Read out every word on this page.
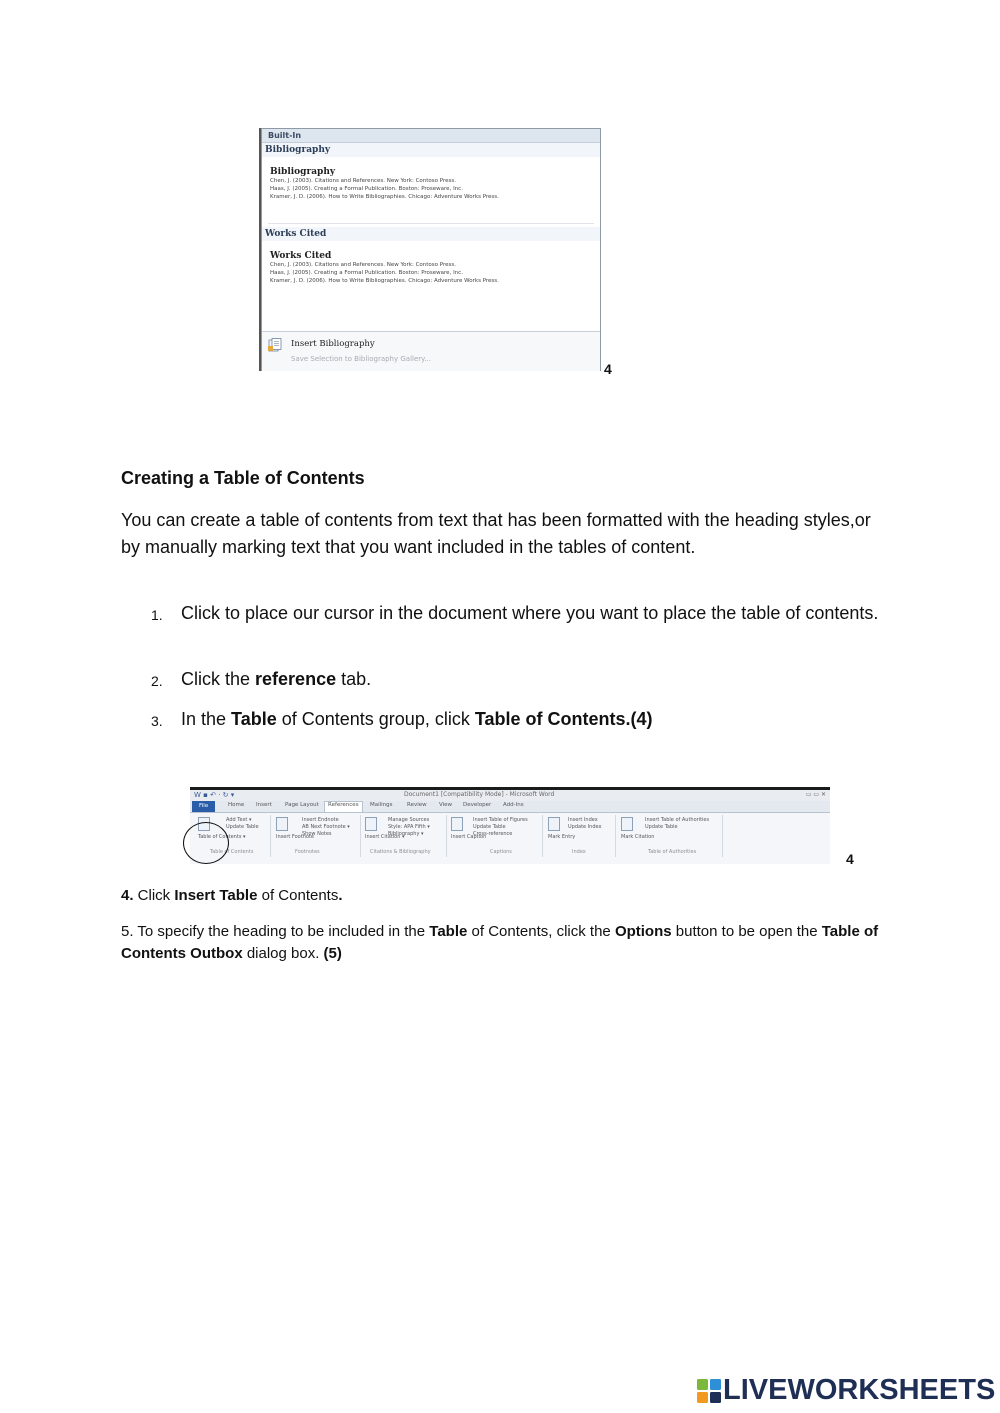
Built-In
Bibliography
Bibliography
Chen, J. (2003). Citations and References. New York: Contoso Press.
Haas, J. (2005). Creating a Formal Publication. Boston: Proseware, Inc.
Kramer, J. D. (2006). How to Write Bibliographies. Chicago: Adventure Works Press.
Works Cited
Works Cited
Chen, J. (2003). Citations and References. New York: Contoso Press.
Haas, J. (2005). Creating a Formal Publication. Boston: Proseware, Inc.
Kramer, J. D. (2006). How to Write Bibliographies. Chicago: Adventure Works Press.
Insert Bibliography
Save Selection to Bibliography Gallery...
4
Creating a Table of Contents
You can create a table of contents from text that has been formatted with the heading styles,or by manually marking text that you want included in the tables of content.
1. Click to place our cursor in the document where you want to place the table of contents.
2. Click the reference tab.
3. In the Table of Contents group, click Table of Contents.(4)
W ▪ ↶ · ↻ ▾	Document1 [Compatibility Mode] - Microsoft Word	▭ ▭ ✕
File	Home Insert Page Layout	References	Mailings	Review View Developer Add-Ins

Table of Contents ▾
Add Text ▾
Update Table
Table of Contents

Insert Footnote
Insert Endnote
AB Next Footnote ▾
Show Notes
Footnotes

Insert Citation ▾
Manage Sources
Style: APA Fifth ▾
Bibliography ▾
Citations & Bibliography

Insert Caption
Insert Table of Figures
Update Table
Cross-reference
Captions

Mark Entry
Insert Index
Update Index
Index

Mark Citation
Insert Table of Authorities
Update Table
Table of Authorities	4
4. Click Insert Table of Contents.
5. To specify the heading to be included in the Table of Contents, click the Options button to be open the Table of Contents Outbox dialog box. (5)
LIVEWORKSHEETS
